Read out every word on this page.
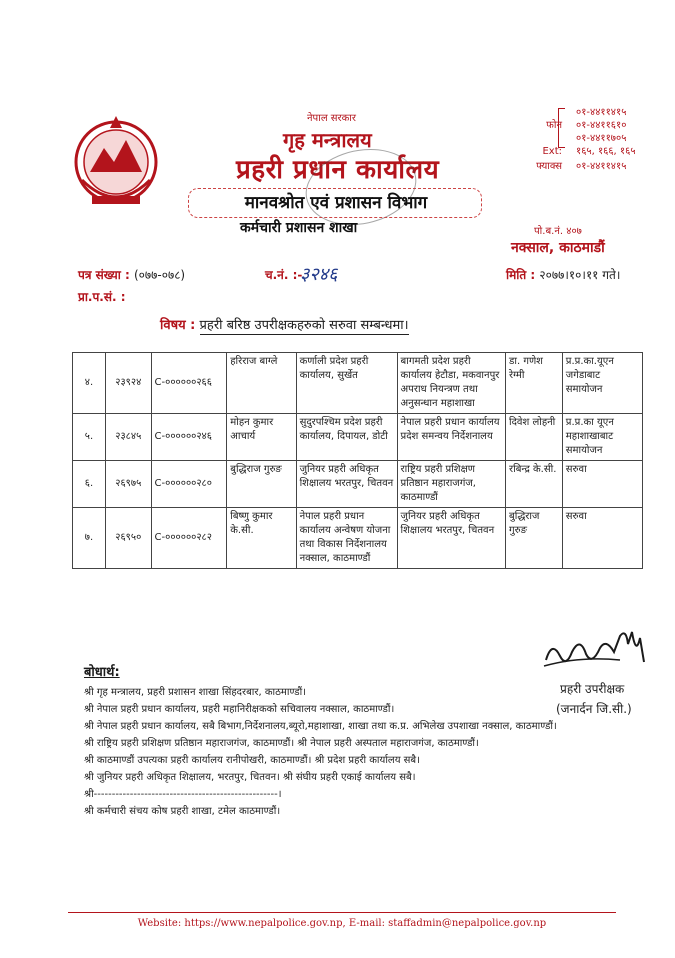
नेपाल सरकार
गृह मन्त्रालय
प्रहरी प्रधान कार्यालय
मानवश्रोत एवं प्रशासन विभाग
कर्मचारी प्रशासन शाखा
०१-४४११४१५
फोन	०१-४४११६१०
०१-४४११७०५
Ext:	१६५, १६६, १६५
फ्याक्स	०१-४४११४१५
पो.ब.नं. ४०७
नक्साल, काठमाडौं
पत्र संख्या : (०७७-०७८)	च.नं. :-
३२४६	मिति : २०७७।१०।११ गते।
प्रा.प.सं. :
विषय : प्रहरी बरिष्ठ उपरीक्षकहरुको सरुवा सम्बन्धमा।
४.	२३९२४	C-००००००२६६	हरिराज बाग्ले	कर्णाली प्रदेश प्रहरी कार्यालय, सुर्खेत	बागमती प्रदेश प्रहरी कार्यालय हेटौडा, मकवानपुर अपराध नियन्त्रण तथा अनुसन्धान महाशाखा	डा. गणेश रेग्मी	प्र.प्र.का.यूएन जगेडाबाट समायोजन
५.	२३८४५	C-००००००२४६	मोहन कुमार आचार्य	सुदुरपश्चिम प्रदेश प्रहरी कार्यालय, दिपायल, डोटी	नेपाल प्रहरी प्रधान कार्यालय प्रदेश समन्वय निर्देशनालय	दिवेश लोहनी	प्र.प्र.का यूएन महाशाखाबाट समायोजन
६.	२६९७५	C-००००००२८०	बुद्धिराज गुरुङ	जुनियर प्रहरी अधिकृत शिक्षालय भरतपुर, चितवन	राष्ट्रिय प्रहरी प्रशिक्षण प्रतिष्ठान महाराजगंज, काठमाण्डौं	रबिन्द्र के.सी.	सरुवा
७.	२६९५०	C-००००००२८२	बिष्णु कुमार के.सी.	नेपाल प्रहरी प्रधान कार्यालय अन्वेषण योजना तथा विकास निर्देशनालय नक्साल, काठमाण्डौं	जुनियर प्रहरी अधिकृत शिक्षालय भरतपुर, चितवन	बुद्धिराज गुरुङ	सरुवा
बोधार्थ:
श्री गृह मन्त्रालय, प्रहरी प्रशासन शाखा सिंहदरबार, काठमाण्डौं।
श्री नेपाल प्रहरी प्रधान कार्यालय, प्रहरी महानिरीक्षकको सचिवालय नक्साल, काठमाण्डौं।
श्री नेपाल प्रहरी प्रधान कार्यालय, सबै बिभाग,निर्देशनालय,ब्यूरो,महाशाखा, शाखा तथा क.प्र. अभिलेख उपशाखा नक्साल, काठमाण्डौं।
श्री राष्ट्रिय प्रहरी प्रशिक्षण प्रतिष्ठान महाराजगंज, काठमाण्डौं। श्री नेपाल प्रहरी अस्पताल महाराजगंज, काठमाण्डौं।
श्री काठमाण्डौं उपत्यका प्रहरी कार्यालय रानीपोखरी, काठमाण्डौं। श्री प्रदेश प्रहरी कार्यालय सबै।
श्री जुनियर प्रहरी अधिकृत शिक्षालय, भरतपुर, चितवन। श्री संघीय प्रहरी एकाई कार्यालय सबै।
श्री---------------------------------------------------।
श्री कर्मचारी संचय कोष प्रहरी शाखा, टमेल काठमाण्डौं।
प्रहरी उपरीक्षक
(जनार्दन जि.सी.)
Website: https://www.nepalpolice.gov.np, E-mail: staffadmin@nepalpolice.gov.np
